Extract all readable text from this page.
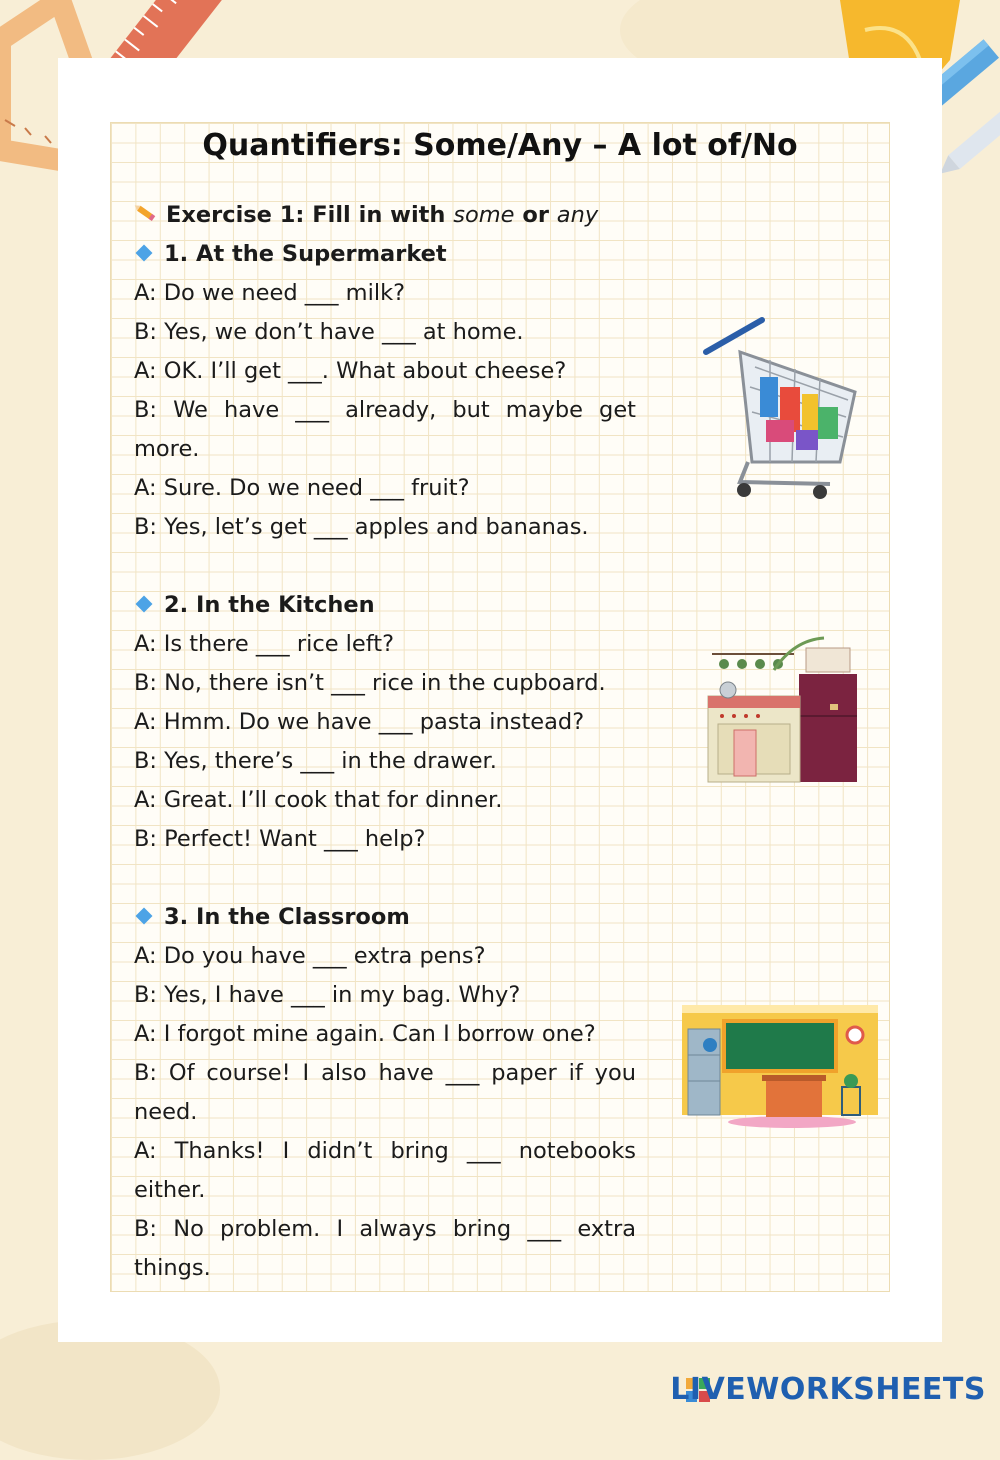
Quantifiers: Some/Any – A lot of/No
Exercise 1: Fill in with some or any
1. At the Supermarket
A: Do we need ___ milk?
B: Yes, we don’t have ___ at home.
A: OK. I’ll get ___. What about cheese?
B: We have ___ already, but maybe get
more.
A: Sure. Do we need ___ fruit?
B: Yes, let’s get ___ apples and bananas.
2. In the Kitchen
A: Is there ___ rice left?
B: No, there isn’t ___ rice in the cupboard.
A: Hmm. Do we have ___ pasta instead?
B: Yes, there’s ___ in the drawer.
A: Great. I’ll cook that for dinner.
B: Perfect! Want ___ help?
3. In the Classroom
A: Do you have ___ extra pens?
B: Yes, I have ___ in my bag. Why?
A: I forgot mine again. Can I borrow one?
B: Of course! I also have ___ paper if you
need.
A: Thanks! I didn’t bring ___ notebooks
either.
B: No problem. I always bring ___ extra
things.
LIVEWORKSHEETS
